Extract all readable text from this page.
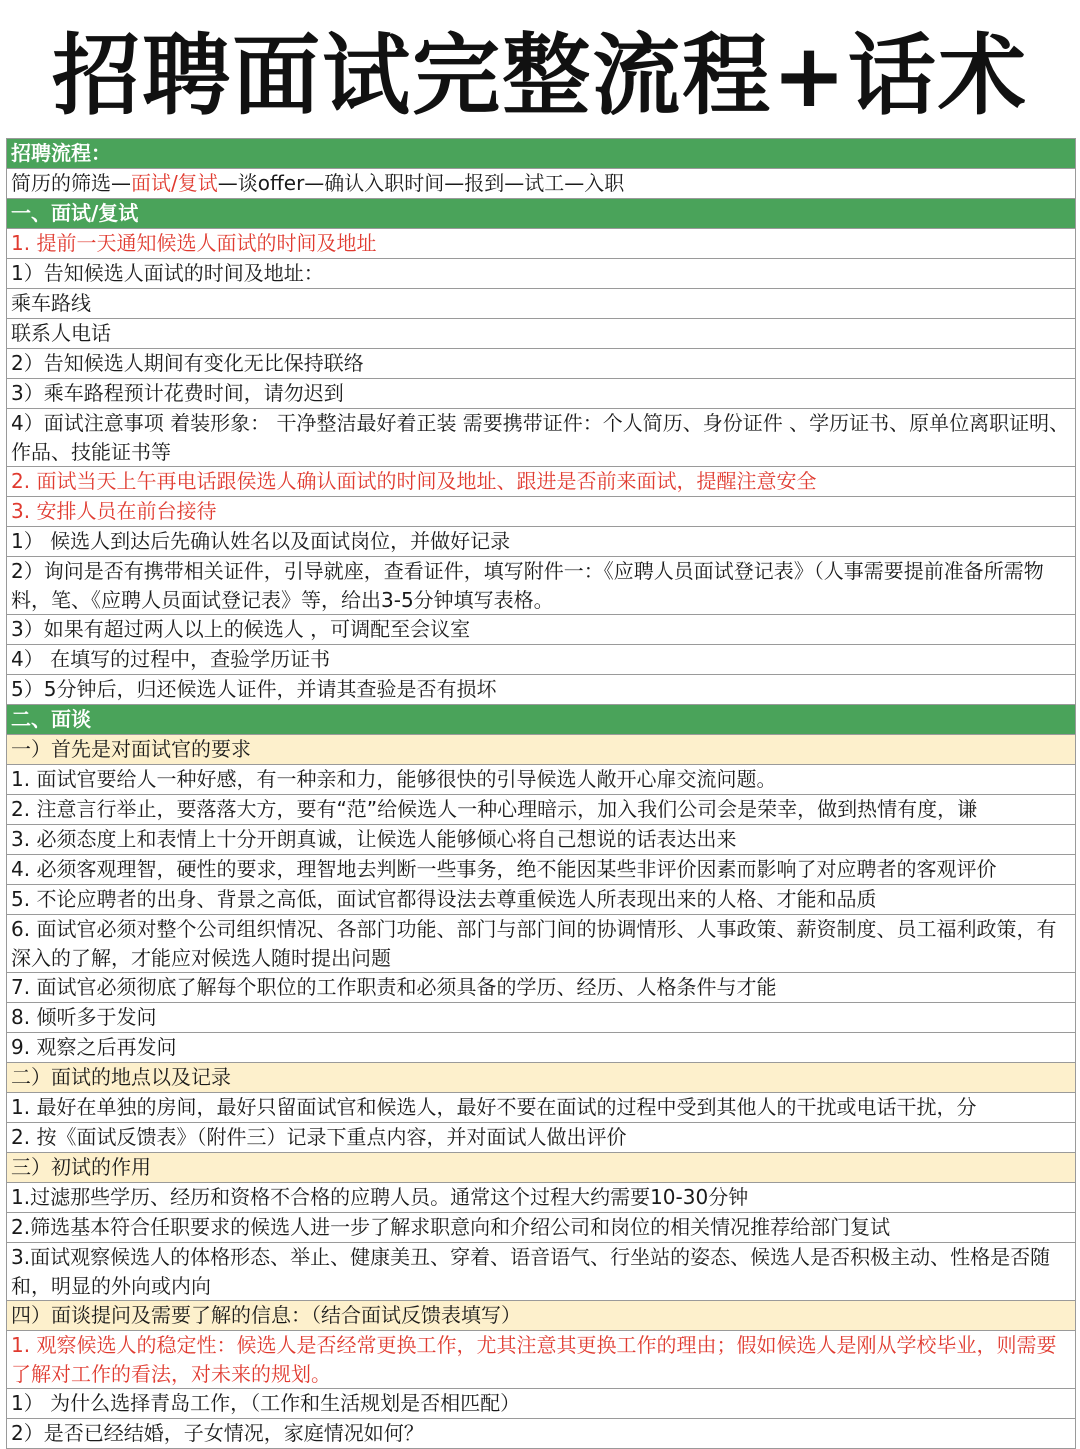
招聘面试完整流程+话术
招聘流程：
简历的筛选—面试/复试—谈offer—确认入职时间—报到—试工—入职
一、面试/复试
1. 提前一天通知候选人面试的时间及地址
1）告知候选人面试的时间及地址：
乘车路线
联系人电话
2）告知候选人期间有变化无比保持联络
3）乘车路程预计花费时间，请勿迟到
4）面试注意事项 着装形象： 干净整洁最好着正装 需要携带证件：个人简历、身份证件 、学历证书、原单位离职证明、作品、技能证书等
2. 面试当天上午再电话跟侯选人确认面试的时间及地址、跟进是否前来面试，提醒注意安全
3. 安排人员在前台接待
1） 候选人到达后先确认姓名以及面试岗位，并做好记录
2）询问是否有携带相关证件，引导就座，查看证件，填写附件一：《应聘人员面试登记表》（人事需要提前准备所需物料，笔、《应聘人员面试登记表》等，给出3-5分钟填写表格。
3）如果有超过两人以上的候选人 ，可调配至会议室
4） 在填写的过程中，查验学历证书
5）5分钟后，归还候选人证件，并请其查验是否有损坏
二、面谈
一）首先是对面试官的要求
1. 面试官要给人一种好感，有一种亲和力，能够很快的引导候选人敞开心扉交流问题。
2. 注意言行举止，要落落大方，要有“范”给候选人一种心理暗示，加入我们公司会是荣幸，做到热情有度，谦
3. 必须态度上和表情上十分开朗真诚，让候选人能够倾心将自己想说的话表达出来
4. 必须客观理智，硬性的要求，理智地去判断一些事务，绝不能因某些非评价因素而影响了对应聘者的客观评价
5. 不论应聘者的出身、背景之高低，面试官都得设法去尊重候选人所表现出来的人格、才能和品质
6. 面试官必须对整个公司组织情况、各部门功能、部门与部门间的协调情形、人事政策、薪资制度、员工福利政策，有深入的了解，才能应对候选人随时提出问题
7. 面试官必须彻底了解每个职位的工作职责和必须具备的学历、经历、人格条件与才能
8. 倾听多于发问
9. 观察之后再发问
二）面试的地点以及记录
1. 最好在单独的房间，最好只留面试官和候选人，最好不要在面试的过程中受到其他人的干扰或电话干扰，分
2. 按《面试反馈表》（附件三）记录下重点内容，并对面试人做出评价
三）初试的作用
1.过滤那些学历、经历和资格不合格的应聘人员。通常这个过程大约需要10-30分钟
2.筛选基本符合任职要求的候选人进一步了解求职意向和介绍公司和岗位的相关情况推荐给部门复试
3.面试观察候选人的体格形态、举止、健康美丑、穿着、语音语气、行坐站的姿态、候选人是否积极主动、性格是否随和，明显的外向或内向
四）面谈提问及需要了解的信息：（结合面试反馈表填写）
1. 观察候选人的稳定性：候选人是否经常更换工作，尤其注意其更换工作的理由；假如候选人是刚从学校毕业，则需要了解对工作的看法，对未来的规划。
1） 为什么选择青岛工作，（工作和生活规划是否相匹配）
2）是否已经结婚，子女情况，家庭情况如何？
